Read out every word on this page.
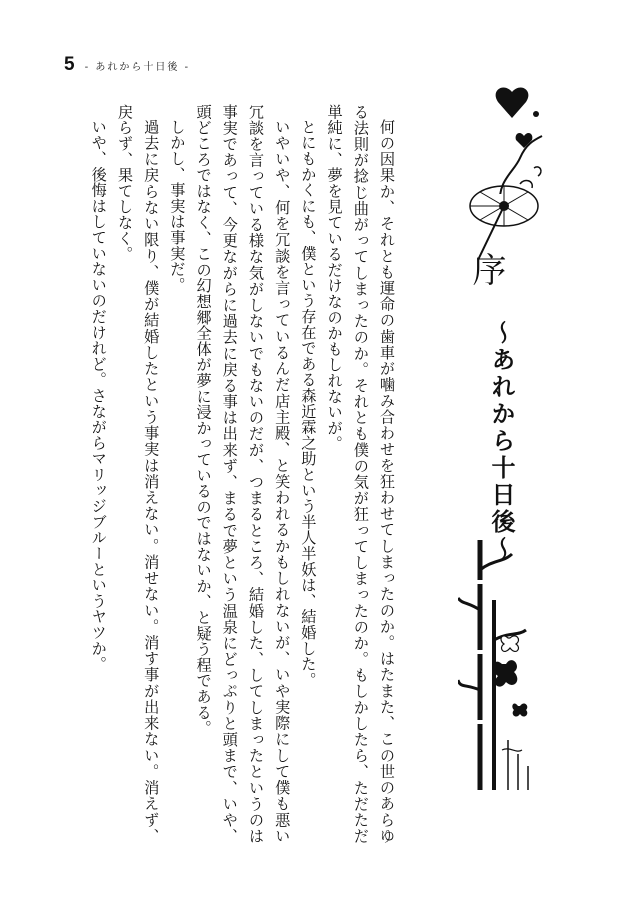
5 - あれから十日後 -

何の因果か、それとも運命の歯車が噛み合わせを狂わせてしまったのか。はたまた、この世のあらゆる法則が捻じ曲がってしまったのか。それとも僕の気が狂ってしまったのか。もしかしたら、ただただ単純に、夢を見ているだけなのかもしれないが。

とにもかくにも、僕という存在である森近霖之助という半人半妖は、結婚した。

いやいや、何を冗談を言っているんだ店主殿、と笑われるかもしれないが、いや実際にして僕も悪い冗談を言っている様な気がしないでもないのだが、つまるところ、結婚した、してしまったというのは事実であって、今更ながらに過去に戻る事は出来ず、まるで夢という温泉にどっぷりと頭まで、いや、頭どころではなく、この幻想郷全体が夢に浸かっているのではないか、と疑う程である。

しかし、事実は事実だ。

過去に戻らない限り、僕が結婚したという事実は消えない。消せない。消す事が出来ない。消えず、戻らず、果てしなく。

いや、後悔はしていないのだけれど。さながらマリッジブルーというヤツか。	序
～あれから十日後～
